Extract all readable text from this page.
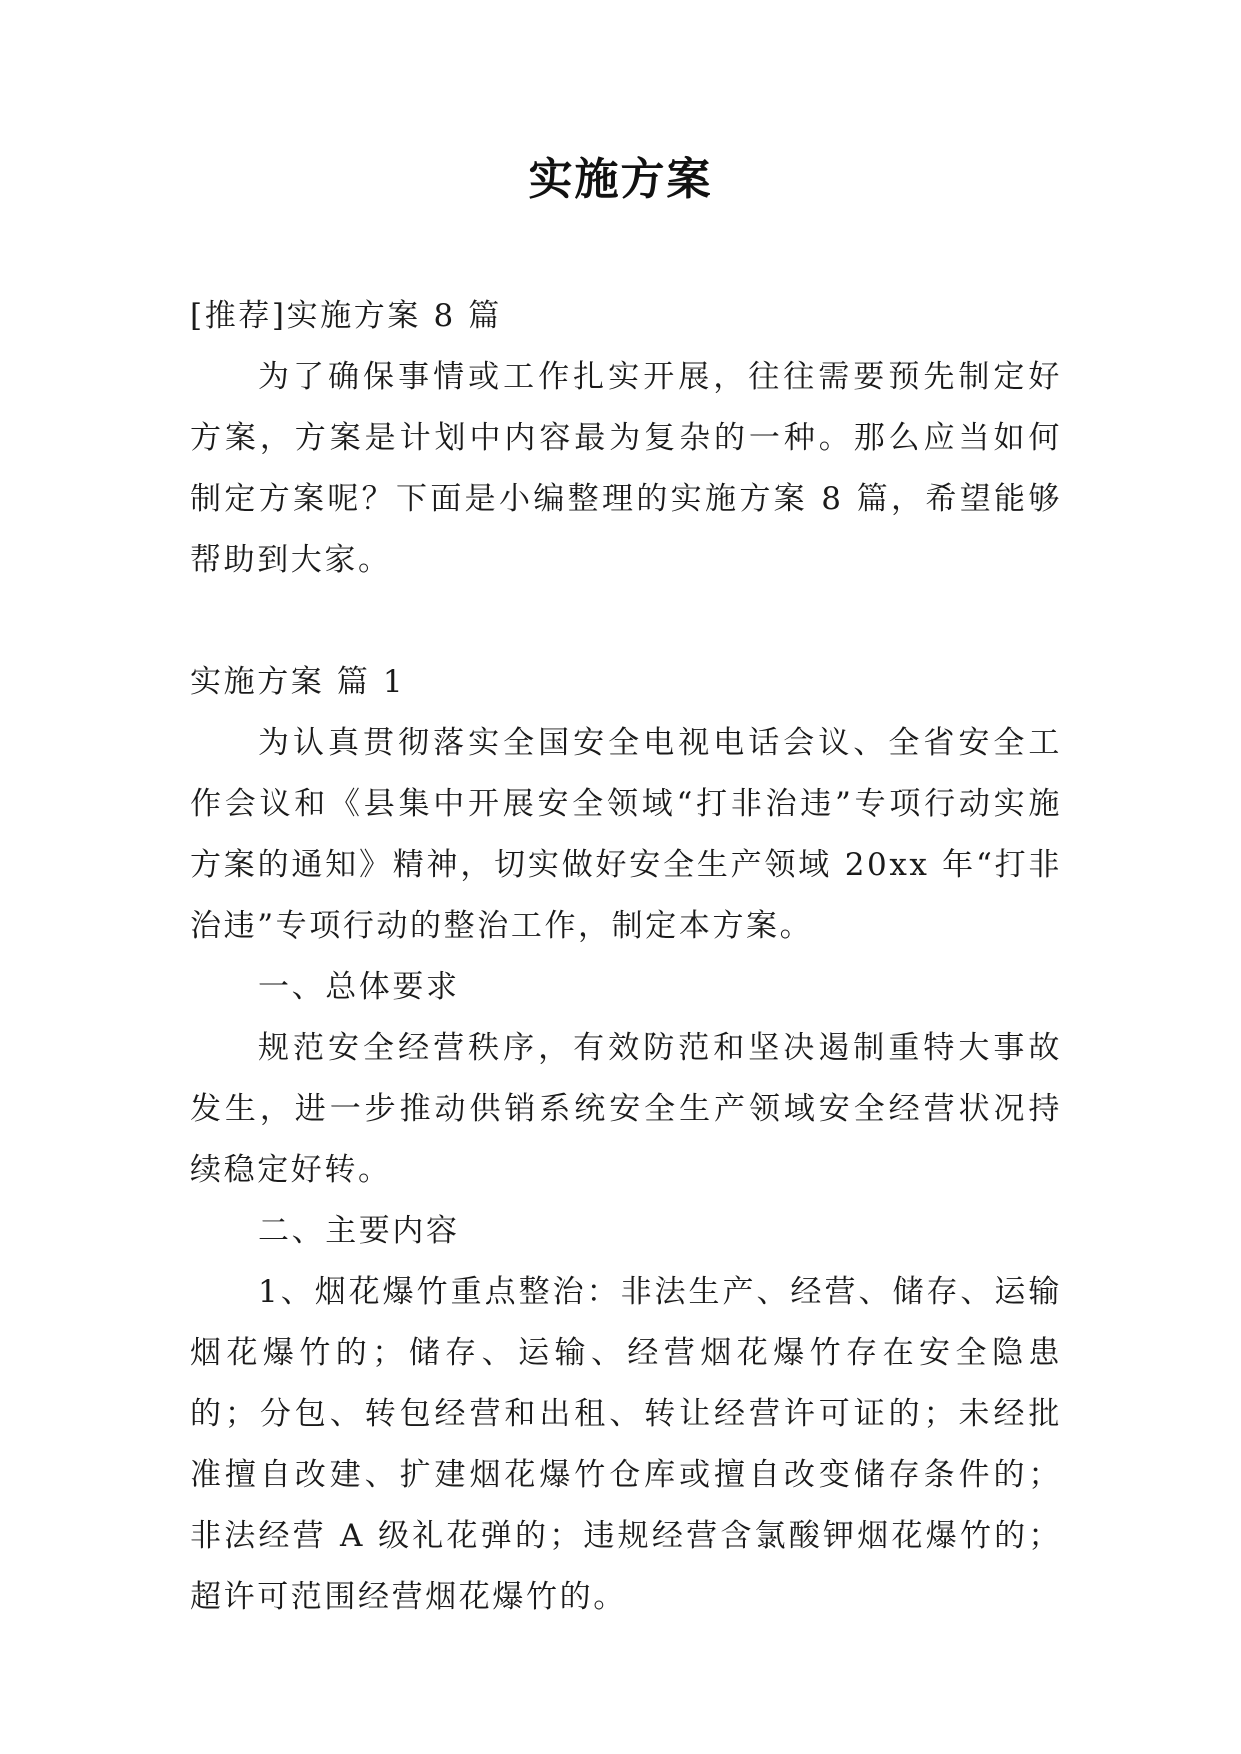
实施方案

[推荐]实施方案 8 篇

为了确保事情或工作扎实开展，往往需要预先制定好方案，方案是计划中内容最为复杂的一种。那么应当如何制定方案呢？下面是小编整理的实施方案 8 篇，希望能够帮助到大家。

实施方案 篇 1

为认真贯彻落实全国安全电视电话会议、全省安全工作会议和《县集中开展安全领域“打非治违”专项行动实施方案的通知》精神，切实做好安全生产领域 20xx 年“打非治违”专项行动的整治工作，制定本方案。

一、总体要求

规范安全经营秩序，有效防范和坚决遏制重特大事故发生，进一步推动供销系统安全生产领域安全经营状况持续稳定好转。

二、主要内容

1、烟花爆竹重点整治：非法生产、经营、储存、运输烟花爆竹的；储存、运输、经营烟花爆竹存在安全隐患的；分包、转包经营和出租、转让经营许可证的；未经批准擅自改建、扩建烟花爆竹仓库或擅自改变储存条件的；非法经营 A 级礼花弹的；违规经营含氯酸钾烟花爆竹的；超许可范围经营烟花爆竹的。
